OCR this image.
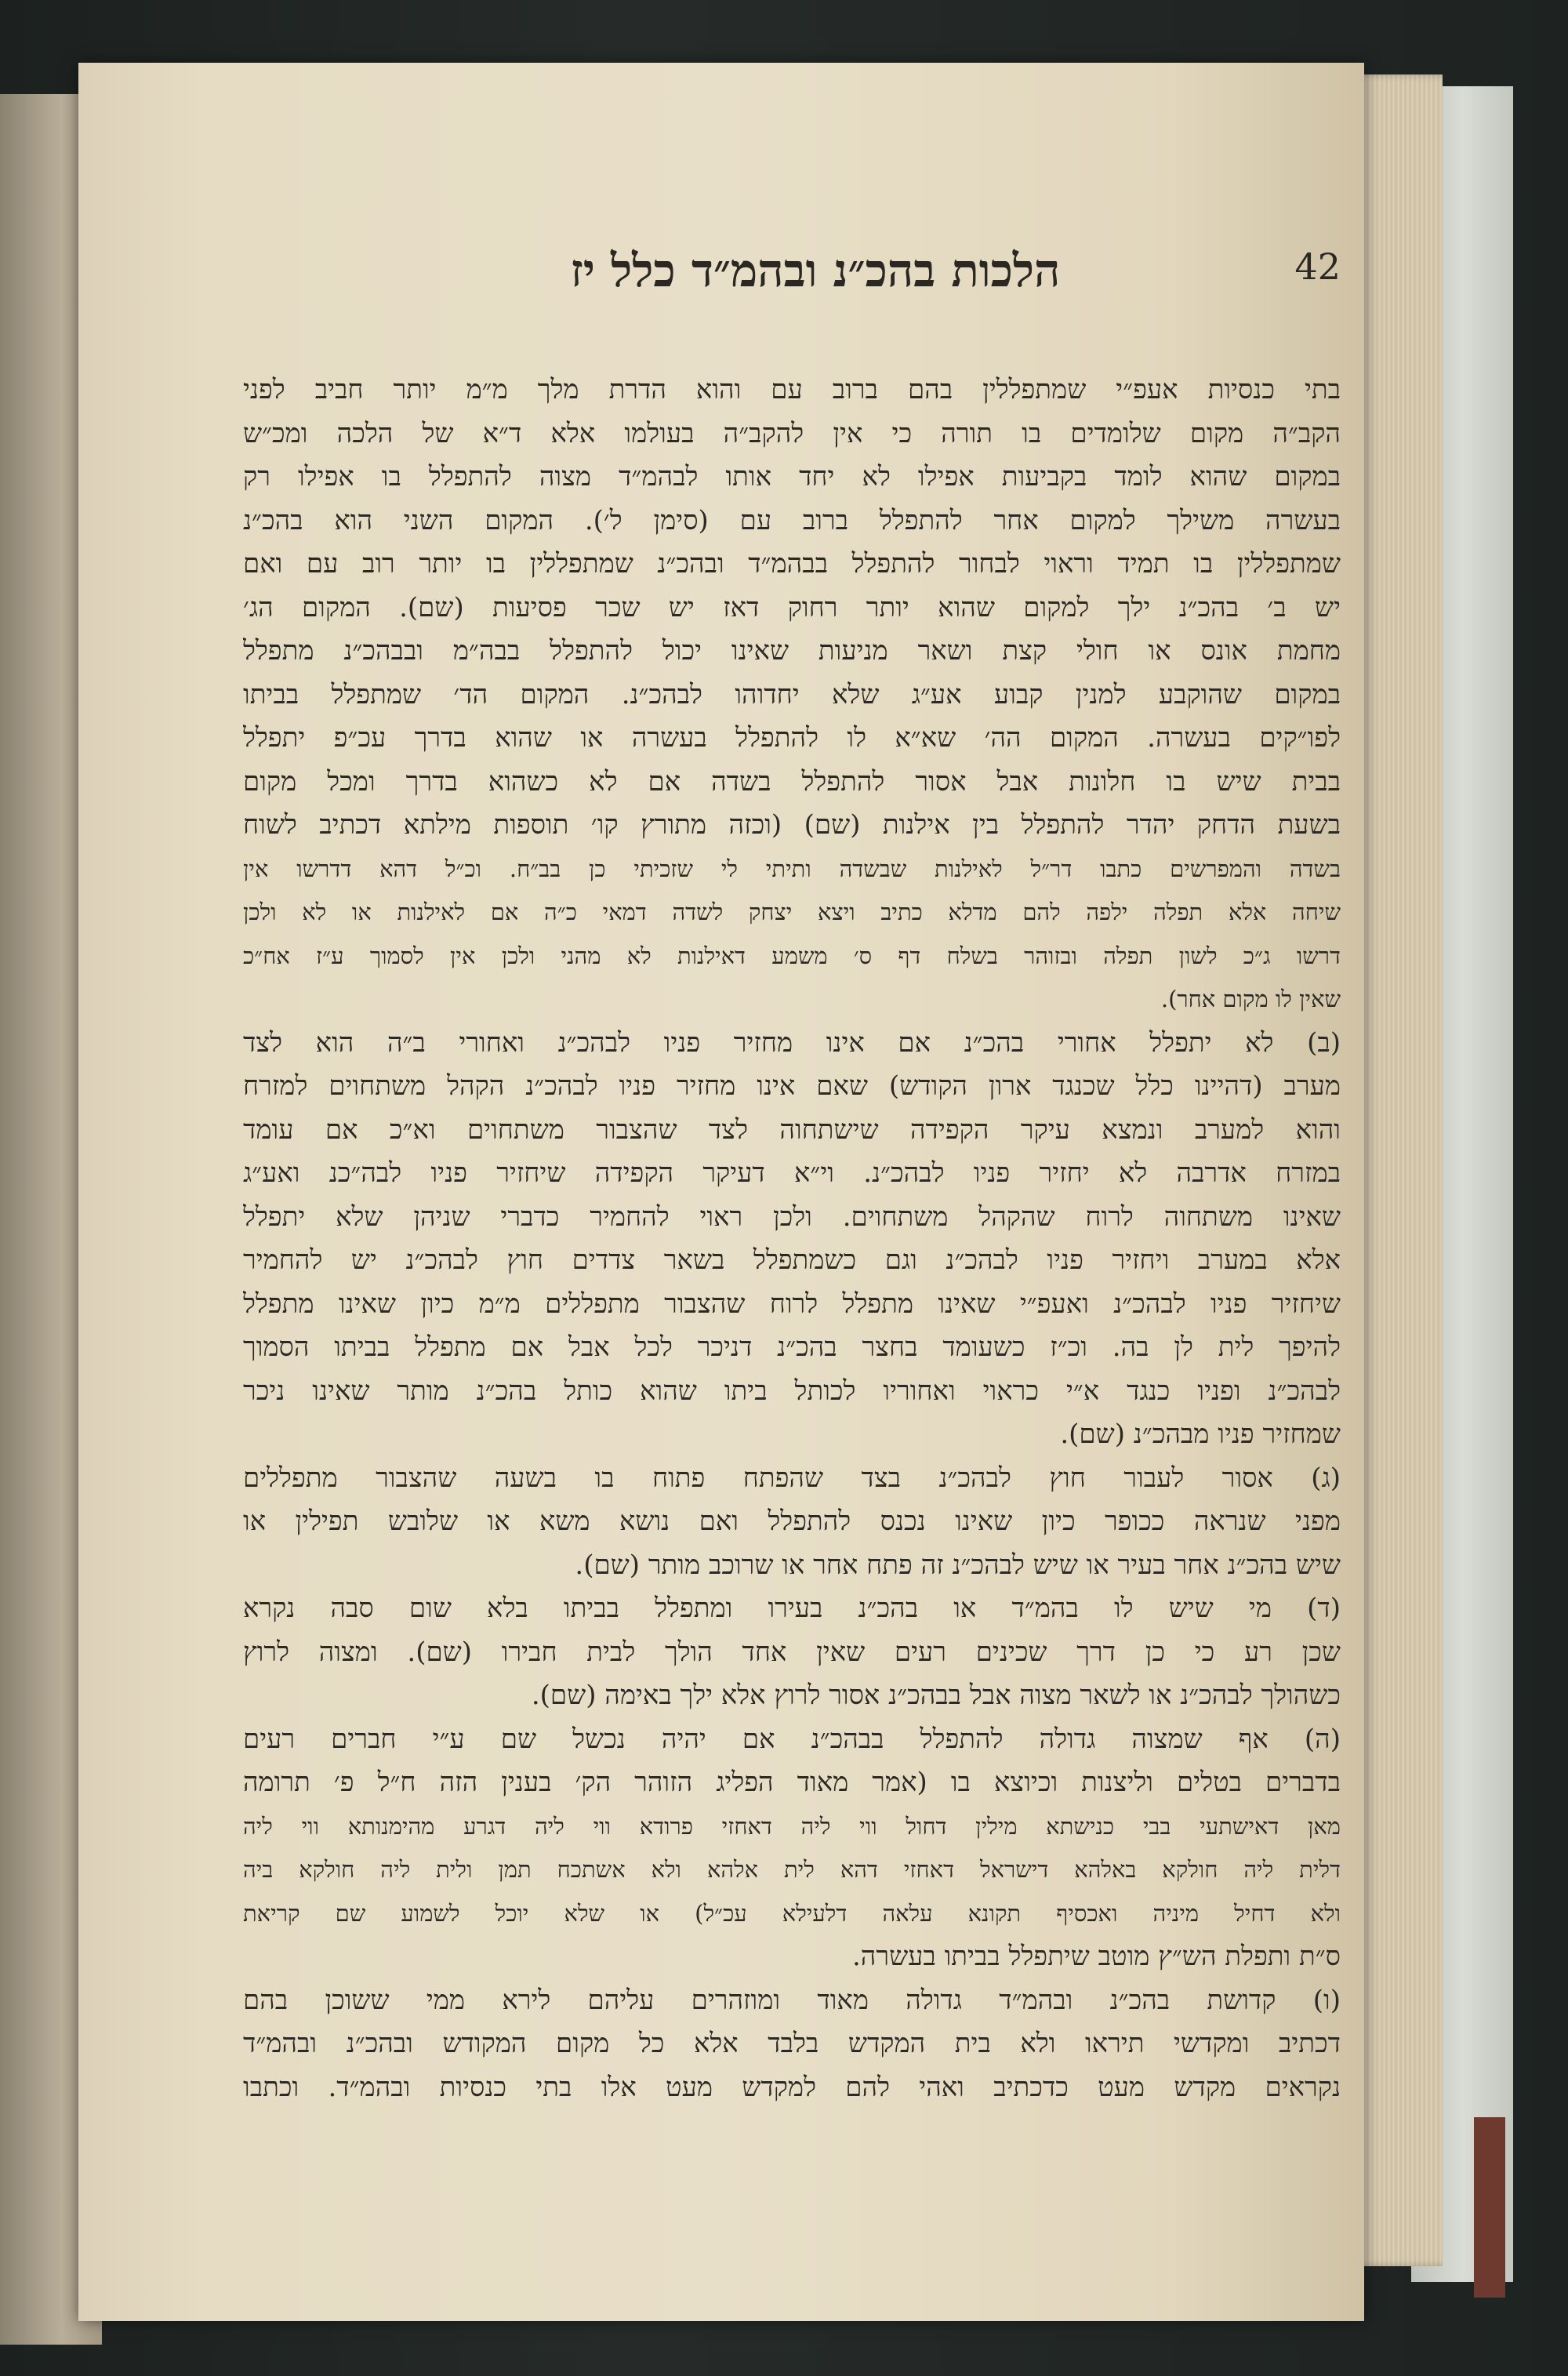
הלכות בהכ״נ ובהמ״ד כלל יז	42
בתי כנסיות אעפ״י שמתפללין בהם ברוב עם והוא הדרת מלך מ״מ יותר חביב לפני
הקב״ה מקום שלומדים בו תורה כי אין להקב״ה בעולמו אלא ד״א של הלכה ומכ״ש
במקום שהוא לומד בקביעות אפילו לא יחד אותו לבהמ״ד מצוה להתפלל בו אפילו רק
בעשרה משילך למקום אחר להתפלל ברוב עם (סימן ל׳). המקום השני הוא בהכ״נ
שמתפללין בו תמיד וראוי לבחור להתפלל בבהמ״ד ובהכ״נ שמתפללין בו יותר רוב עם ואם
יש ב׳ בהכ״נ ילך למקום שהוא יותר רחוק דאז יש שכר פסיעות (שם). המקום הג׳
מחמת אונס או חולי קצת ושאר מניעות שאינו יכול להתפלל בבה״מ ובבהכ״נ מתפלל
במקום שהוקבע למנין קבוע אע״ג שלא יחדוהו לבהכ״נ. המקום הד׳ שמתפלל בביתו
לפו״קים בעשרה. המקום הה׳ שא״א לו להתפלל בעשרה או שהוא בדרך עכ״פ יתפלל
בבית שיש בו חלונות אבל אסור להתפלל בשדה אם לא כשהוא בדרך ומכל מקום
בשעת הדחק יהדר להתפלל בין אילנות (שם) (וכזה מתורץ קו׳ תוספות מילתא דכתיב לשוח
בשדה והמפרשים כתבו דר״ל לאילנות שבשדה ותיתי לי שזכיתי כן בב״ח. וכ״ל דהא דדרשו אין
שיחה אלא תפלה ילפה להם מדלא כתיב ויצא יצחק לשדה דמאי כ״ה אם לאילנות או לא ולכן
דרשו ג״כ לשון תפלה ובזוהר בשלח דף ס׳ משמע דאילנות לא מהני ולכן אין לסמוך ע״ז אח״כ
שאין לו מקום אחר).
(ב) לא יתפלל אחורי בהכ״נ אם אינו מחזיר פניו לבהכ״נ ואחורי ב״ה הוא לצד
מערב (דהיינו כלל שכנגד ארון הקודש) שאם אינו מחזיר פניו לבהכ״נ הקהל משתחוים למזרח
והוא למערב ונמצא עיקר הקפידה שישתחוה לצד שהצבור משתחוים וא״כ אם עומד
במזרח אדרבה לא יחזיר פניו לבהכ״נ. וי״א דעיקר הקפידה שיחזיר פניו לבה״כנ ואע״ג
שאינו משתחוה לרוח שהקהל משתחוים. ולכן ראוי להחמיר כדברי שניהן שלא יתפלל
אלא במערב ויחזיר פניו לבהכ״נ וגם כשמתפלל בשאר צדדים חוץ לבהכ״נ יש להחמיר
שיחזיר פניו לבהכ״נ ואעפ״י שאינו מתפלל לרוח שהצבור מתפללים מ״מ כיון שאינו מתפלל
להיפך לית לן בה. וכ״ז כשעומד בחצר בהכ״נ דניכר לכל אבל אם מתפלל בביתו הסמוך
לבהכ״נ ופניו כנגד א״י כראוי ואחוריו לכותל ביתו שהוא כותל בהכ״נ מותר שאינו ניכר
שמחזיר פניו מבהכ״נ (שם).
(ג) אסור לעבור חוץ לבהכ״נ בצד שהפתח פתוח בו בשעה שהצבור מתפללים
מפני שנראה ככופר כיון שאינו נכנס להתפלל ואם נושא משא או שלובש תפילין או
שיש בהכ״נ אחר בעיר או שיש לבהכ״נ זה פתח אחר או שרוכב מותר (שם).
(ד) מי שיש לו בהמ״ד או בהכ״נ בעירו ומתפלל בביתו בלא שום סבה נקרא
שכן רע כי כן דרך שכינים רעים שאין אחד הולך לבית חבירו (שם). ומצוה לרוץ
כשהולך לבהכ״נ או לשאר מצוה אבל בבהכ״נ אסור לרוץ אלא ילך באימה (שם).
(ה) אף שמצוה גדולה להתפלל בבהכ״נ אם יהיה נכשל שם ע״י חברים רעים
בדברים בטלים וליצנות וכיוצא בו (אמר מאוד הפליג הזוהר הק׳ בענין הזה ח״ל פ׳ תרומה
מאן דאישתעי בבי כנישתא מילין דחול ווי ליה דאחזי פרודא ווי ליה דגרע מהימנותא ווי ליה
דלית ליה חולקא באלהא דישראל דאחזי דהא לית אלהא ולא אשתכח תמן ולית ליה חולקא ביה
ולא דחיל מיניה ואכסיף תקונא עלאה דלעילא עכ״ל) או שלא יוכל לשמוע שם קריאת
ס״ת ותפלת הש״ץ מוטב שיתפלל בביתו בעשרה.
(ו) קדושת בהכ״נ ובהמ״ד גדולה מאוד ומוזהרים עליהם לירא ממי ששוכן בהם
דכתיב ומקדשי תיראו ולא בית המקדש בלבד אלא כל מקום המקודש ובהכ״נ ובהמ״ד
נקראים מקדש מעט כדכתיב ואהי להם למקדש מעט אלו בתי כנסיות ובהמ״ד. וכתבו
